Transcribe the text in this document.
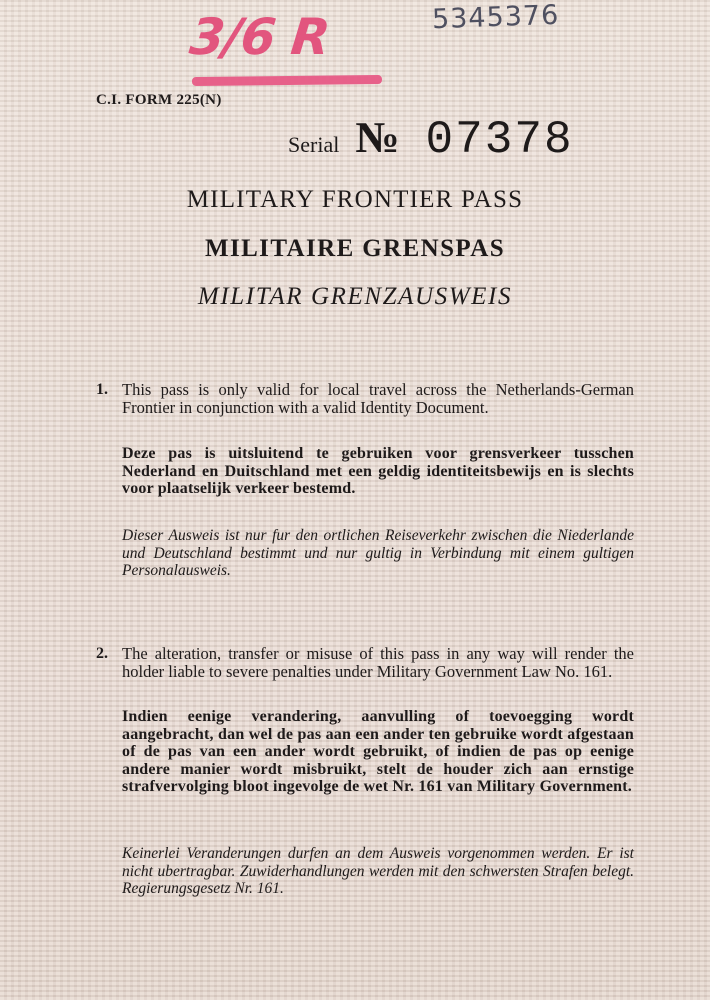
3/6 R	5345376
C.I. FORM 225(N)
Serial № 07378
MILITARY FRONTIER PASS
MILITAIRE GRENSPAS
MILITAR GRENZAUSWEIS
1. This pass is only valid for local travel across the Netherlands-German Frontier in conjunction with a valid Identity Document.

Deze pas is uitsluitend te gebruiken voor grensverkeer tusschen Nederland en Duitschland met een geldig identiteitsbewijs en is slechts voor plaatselijk verkeer bestemd.

Dieser Ausweis ist nur fur den ortlichen Reiseverkehr zwischen die Niederlande und Deutschland bestimmt und nur gultig in Verbindung mit einem gultigen Personalausweis.

2. The alteration, transfer or misuse of this pass in any way will render the holder liable to severe penalties under Military Government Law No. 161.

Indien eenige verandering, aanvulling of toevoegging wordt aangebracht, dan wel de pas aan een ander ten gebruike wordt afgestaan of de pas van een ander wordt gebruikt, of indien de pas op eenige andere manier wordt misbruikt, stelt de houder zich aan ernstige strafvervolging bloot ingevolge de wet Nr. 161 van Military Government.

Keinerlei Veranderungen durfen an dem Ausweis vorgenommen werden. Er ist nicht ubertragbar. Zuwiderhandlungen werden mit den schwersten Strafen belegt. Regierungsgesetz Nr. 161.
